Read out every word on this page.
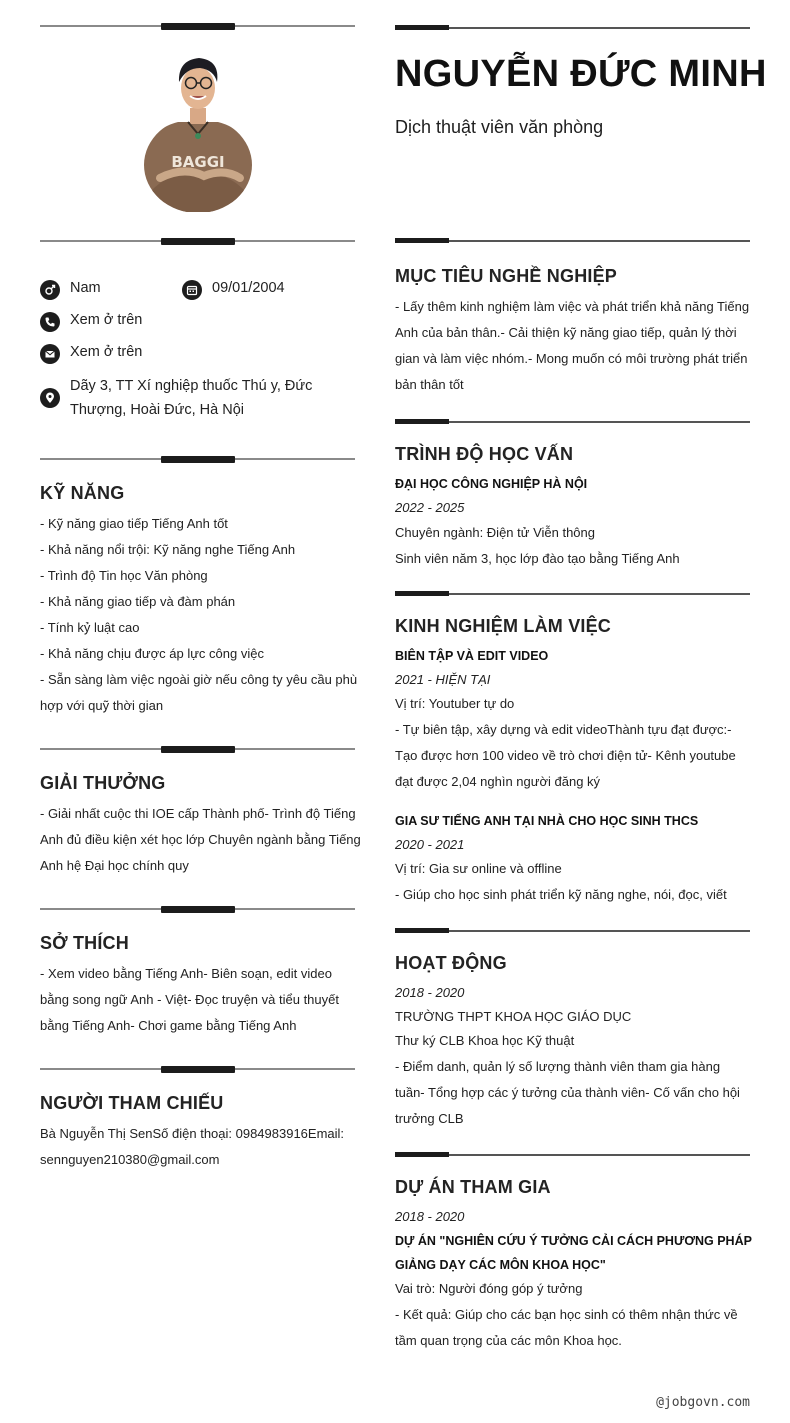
BAGGI
Nam	09/01/2004
Xem ở trên
Xem ở trên
Dãy 3, TT Xí nghiệp thuốc Thú y, Đức
Thượng, Hoài Đức, Hà Nội
KỸ NĂNG
- Kỹ năng giao tiếp Tiếng Anh tốt
- Khả năng nổi trội: Kỹ năng nghe Tiếng Anh
- Trình độ Tin học Văn phòng
- Khả năng giao tiếp và đàm phán
- Tính kỷ luật cao
- Khả năng chịu được áp lực công việc
- Sẵn sàng làm việc ngoài giờ nếu công ty yêu cầu phù
hợp với quỹ thời gian
GIẢI THƯỞNG
- Giải nhất cuộc thi IOE cấp Thành phố- Trình độ Tiếng
Anh đủ điều kiện xét học lớp Chuyên ngành bằng Tiếng
Anh hệ Đại học chính quy
SỞ THÍCH
- Xem video bằng Tiếng Anh- Biên soạn, edit video
bằng song ngữ Anh - Việt- Đọc truyện và tiểu thuyết
bằng Tiếng Anh- Chơi game bằng Tiếng Anh
NGƯỜI THAM CHIẾU
Bà Nguyễn Thị SenSố điện thoại: 0984983916Email:
sennguyen210380@gmail.com
NGUYỄN ĐỨC MINH
Dịch thuật viên văn phòng
MỤC TIÊU NGHỀ NGHIỆP
- Lấy thêm kinh nghiệm làm việc và phát triển khả năng Tiếng
Anh của bản thân.- Cải thiện kỹ năng giao tiếp, quản lý thời
gian và làm việc nhóm.- Mong muốn có môi trường phát triển
bản thân tốt
TRÌNH ĐỘ HỌC VẤN
ĐẠI HỌC CÔNG NGHIỆP HÀ NỘI
2022 - 2025
Chuyên ngành: Điện tử Viễn thông
Sinh viên năm 3, học lớp đào tạo bằng Tiếng Anh
KINH NGHIỆM LÀM VIỆC
BIÊN TẬP VÀ EDIT VIDEO
2021 - HIỆN TẠI
Vị trí: Youtuber tự do
- Tự biên tập, xây dựng và edit videoThành tựu đạt được:-
Tạo được hơn 100 video về trò chơi điện tử- Kênh youtube
đạt được 2,04 nghìn người đăng ký
GIA SƯ TIẾNG ANH TẠI NHÀ CHO HỌC SINH THCS
2020 - 2021
Vị trí: Gia sư online và offline
- Giúp cho học sinh phát triển kỹ năng nghe, nói, đọc, viết
HOẠT ĐỘNG
2018 - 2020
TRƯỜNG THPT KHOA HỌC GIÁO DỤC
Thư ký CLB Khoa học Kỹ thuật
- Điểm danh, quản lý số lượng thành viên tham gia hàng
tuần- Tổng hợp các ý tưởng của thành viên- Cố vấn cho hội
trưởng CLB
DỰ ÁN THAM GIA
2018 - 2020
DỰ ÁN "NGHIÊN CỨU Ý TƯỞNG CẢI CÁCH PHƯƠNG PHÁP
GIẢNG DẠY CÁC MÔN KHOA HỌC"
Vai trò: Người đóng góp ý tưởng
- Kết quả: Giúp cho các bạn học sinh có thêm nhận thức về
tầm quan trọng của các môn Khoa học.
@jobgovn.com
